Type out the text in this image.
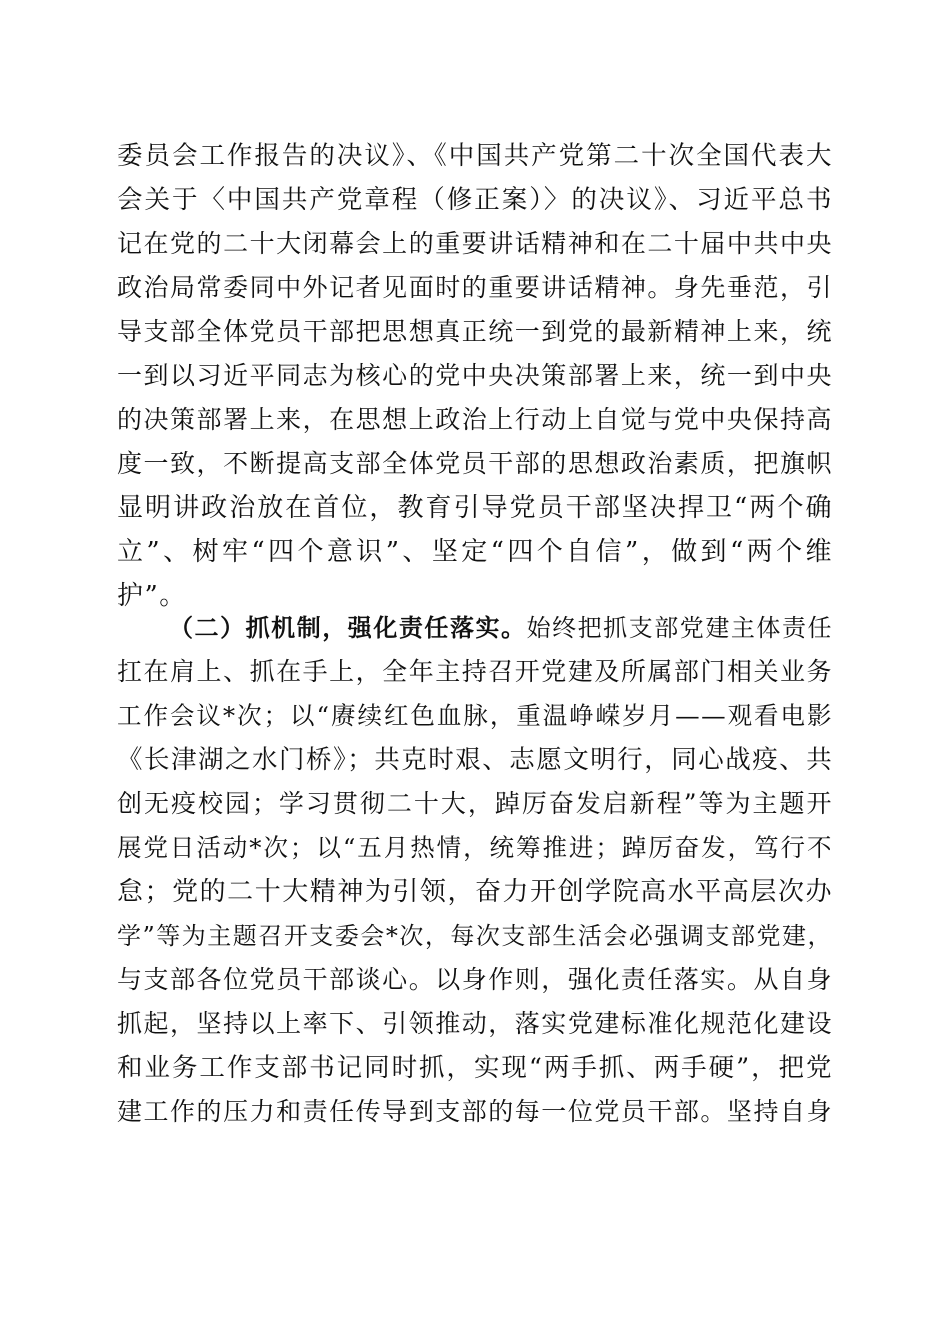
委员会工作报告的决议》、《中国共产党第二十次全国代表大
会关于〈中国共产党章程（修正案）〉的决议》、习近平总书
记在党的二十大闭幕会上的重要讲话精神和在二十届中共中央
政治局常委同中外记者见面时的重要讲话精神。身先垂范，引
导支部全体党员干部把思想真正统一到党的最新精神上来，统
一到以习近平同志为核心的党中央决策部署上来，统一到中央
的决策部署上来，在思想上政治上行动上自觉与党中央保持高
度一致，不断提高支部全体党员干部的思想政治素质，把旗帜
显明讲政治放在首位，教育引导党员干部坚决捍卫“两个确
立”、树牢“四个意识”、坚定“四个自信”，做到“两个维
护”。
（二）抓机制，强化责任落实。始终把抓支部党建主体责任
扛在肩上、抓在手上，全年主持召开党建及所属部门相关业务
工作会议*次；以“赓续红色血脉，重温峥嵘岁月——观看电影
《长津湖之水门桥》；共克时艰、志愿文明行，同心战疫、共
创无疫校园；学习贯彻二十大，踔厉奋发启新程”等为主题开
展党日活动*次；以“五月热情，统筹推进；踔厉奋发，笃行不
怠；党的二十大精神为引领，奋力开创学院高水平高层次办
学”等为主题召开支委会*次，每次支部生活会必强调支部党建，
与支部各位党员干部谈心。以身作则，强化责任落实。从自身
抓起，坚持以上率下、引领推动，落实党建标准化规范化建设
和业务工作支部书记同时抓，实现“两手抓、两手硬”，把党
建工作的压力和责任传导到支部的每一位党员干部。坚持自身
